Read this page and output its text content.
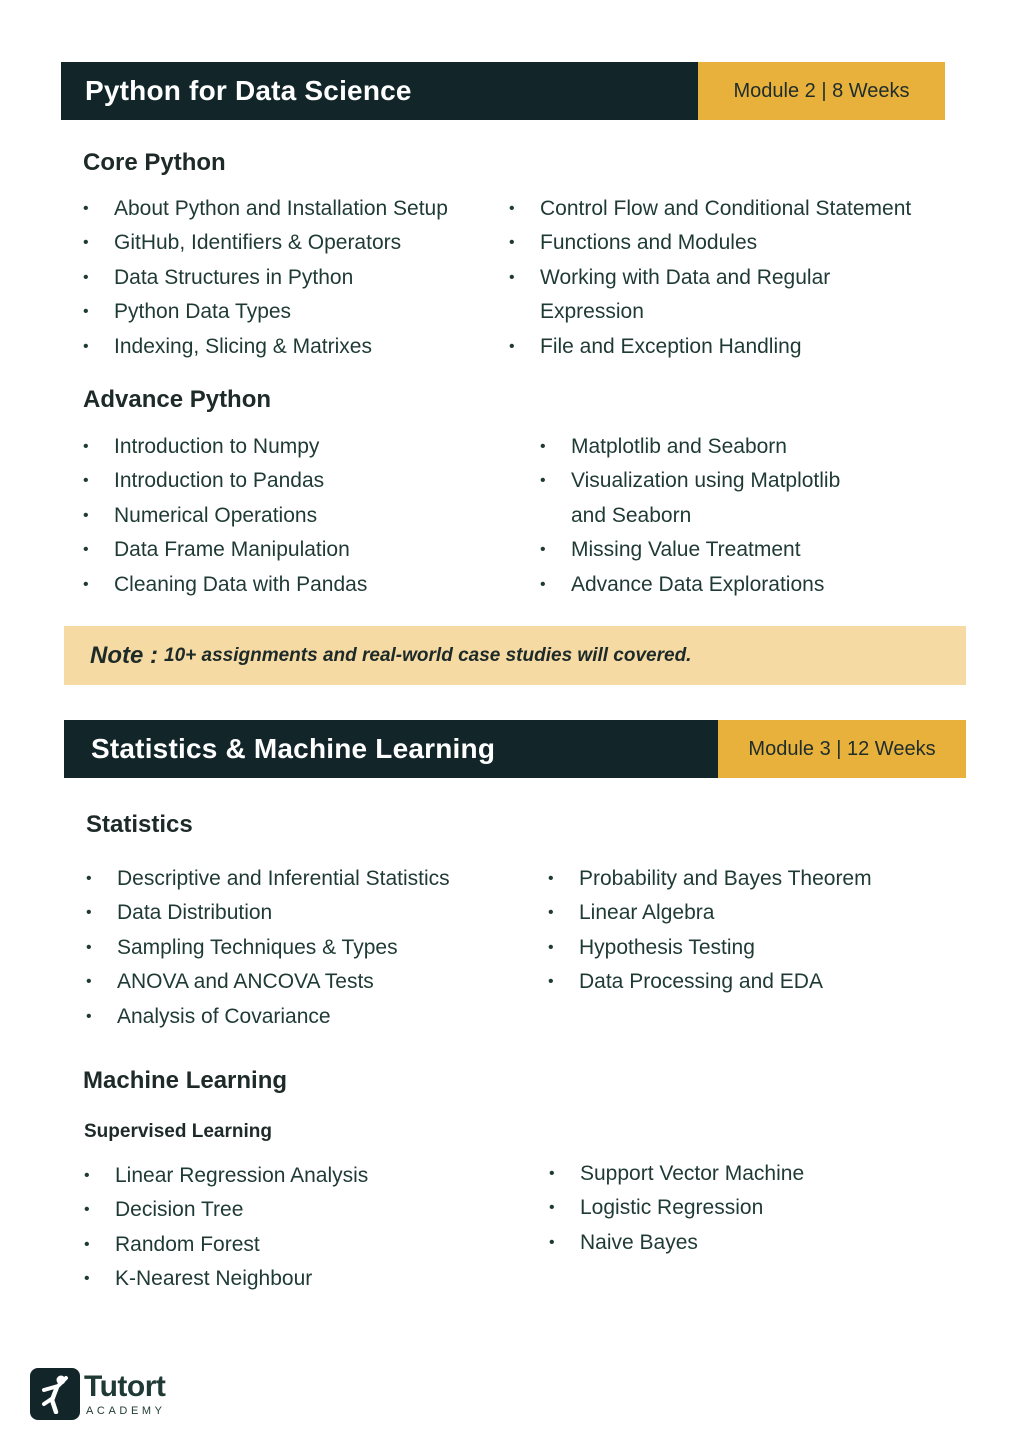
Python for Data Science	Module 2 | 8 Weeks
Core Python
• About Python and Installation Setup
• GitHub, Identifiers & Operators
• Data Structures in Python
• Python Data Types
• Indexing, Slicing & Matrixes
• Control Flow and Conditional Statement
• Functions and Modules
• Working with Data and Regular
Expression
• File and Exception Handling
Advance Python
• Introduction to Numpy
• Introduction to Pandas
• Numerical Operations
• Data Frame Manipulation
• Cleaning Data with Pandas
• Matplotlib and Seaborn
• Visualization using Matplotlib
and Seaborn
• Missing Value Treatment
• Advance Data Explorations
Note : 10+ assignments and real-world case studies will covered.
Statistics & Machine Learning	Module 3 | 12 Weeks
Statistics
• Descriptive and Inferential Statistics
• Data Distribution
• Sampling Techniques & Types
• ANOVA and ANCOVA Tests
• Analysis of Covariance
• Probability and Bayes Theorem
• Linear Algebra
• Hypothesis Testing
• Data Processing and EDA
Machine Learning
Supervised Learning
• Linear Regression Analysis
• Decision Tree
• Random Forest
• K-Nearest Neighbour
• Support Vector Machine
• Logistic Regression
• Naive Bayes
Tutort
ACADEMY
